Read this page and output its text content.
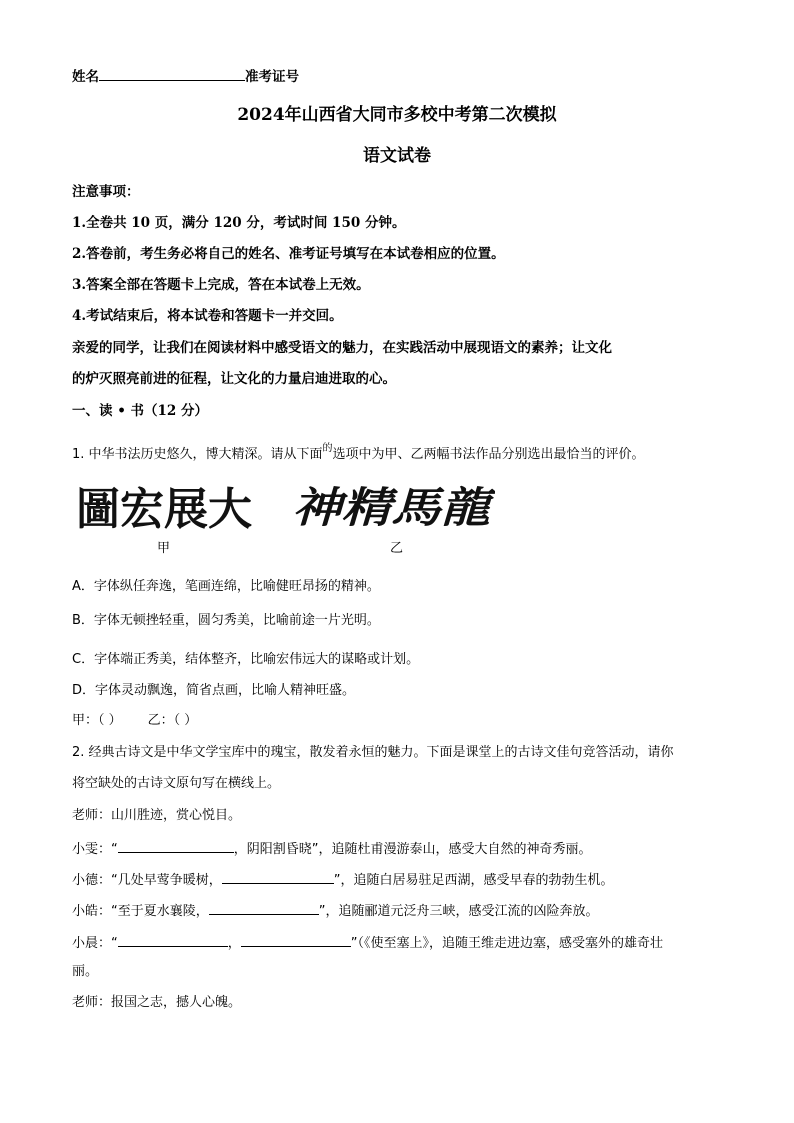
姓名	准考证号
2024年山西省大同市多校中考第二次模拟
语文试卷
注意事项：
1.全卷共 10 页，满分 120 分，考试时间 150 分钟。
2.答卷前，考生务必将自己的姓名、准考证号填写在本试卷相应的位置。
3.答案全部在答题卡上完成，答在本试卷上无效。
4.考试结束后，将本试卷和答题卡一并交回。
亲爱的同学，让我们在阅读材料中感受语文的魅力，在实践活动中展现语文的素养；让文化
的炉灭照亮前进的征程，让文化的力量启迪进取的心。
一、读 • 书（12 分）
1. 中华书法历史悠久，博大精深。请从下面$^的$选项中为甲、乙两幅书法作品分别选出最恰当的评价。
圖宏展大 神精馬龍
甲	乙
A．字体纵任奔逸，笔画连绵，比喻健旺昂扬的精神。
B．字体无顿挫轻重，圆匀秀美，比喻前途一片光明。
C．字体端正秀美，结体整齐，比喻宏伟远大的谋略或计划。
D．字体灵动飘逸，简省点画，比喻人精神旺盛。
甲：（ ） 乙：（ ）
2. 经典古诗文是中华文学宝库中的瑰宝，散发着永恒的魅力。下面是课堂上的古诗文佳句竞答活动，请你
将空缺处的古诗文原句写在横线上。
老师：山川胜迹，赏心悦目。
小雯：“	，阴阳割昏晓”，追随杜甫漫游泰山，感受大自然的神奇秀丽。
小德：“几处早莺争暖树，	”，追随白居易驻足西湖，感受早春的勃勃生机。
小皓：“至于夏水襄陵，	”，追随郦道元泛舟三峡，感受江流的凶险奔放。
小晨：“	，	”（《使至塞上》，追随王维走进边塞，感受塞外的雄奇壮
丽。
老师：报国之志，撼人心魄。
